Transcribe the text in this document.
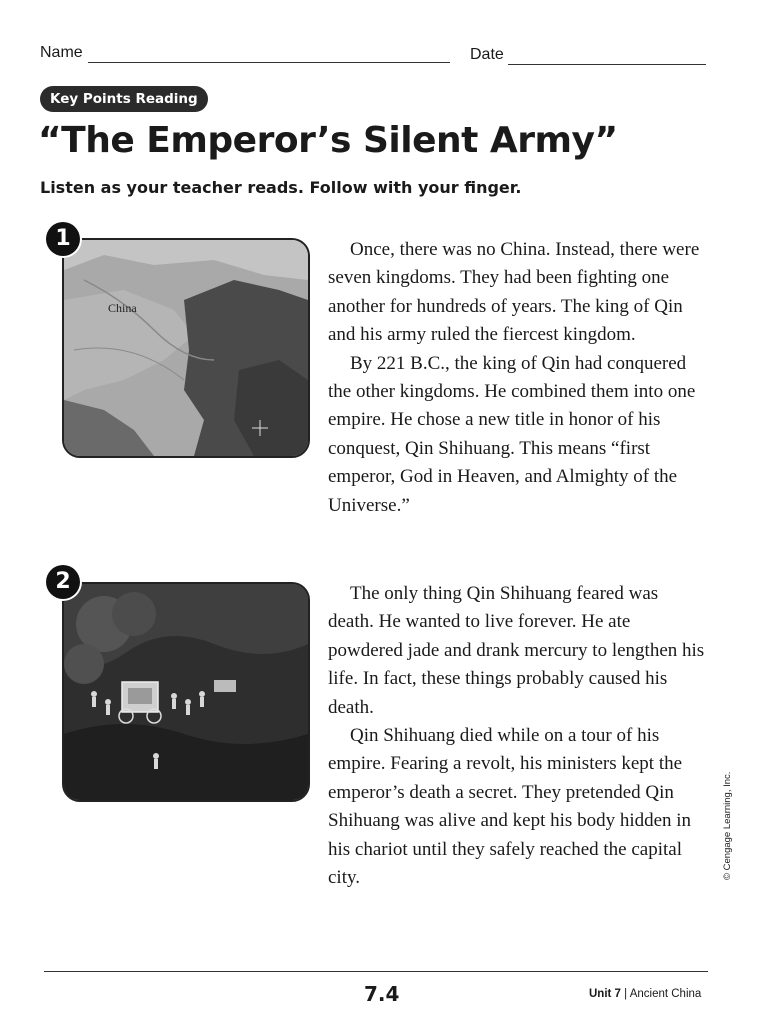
Name	Date
Key Points Reading
“The Emperor’s Silent Army”

Listen as your teacher reads. Follow with your finger.

1
China

Once, there was no China. Instead, there were seven kingdoms. They had been fighting one another for hundreds of years. The king of Qin and his army ruled the fiercest kingdom.

By 221 B.C., the king of Qin had conquered the other kingdoms. He combined them into one empire. He chose a new title in honor of his conquest, Qin Shihuang. This means “first emperor, God in Heaven, and Almighty of the Universe.”

2	The only thing Qin Shihuang feared was death. He wanted to live forever. He ate powdered jade and drank mercury to lengthen his life. In fact, these things probably caused his death.

Qin Shihuang died while on a tour of his empire. Fearing a revolt, his ministers kept the emperor’s death a secret. They pretended Qin Shihuang was alive and kept his body hidden in his chariot until they safely reached the capital city.	© Cengage Learning, Inc.
7.4	Unit 7 | Ancient China
